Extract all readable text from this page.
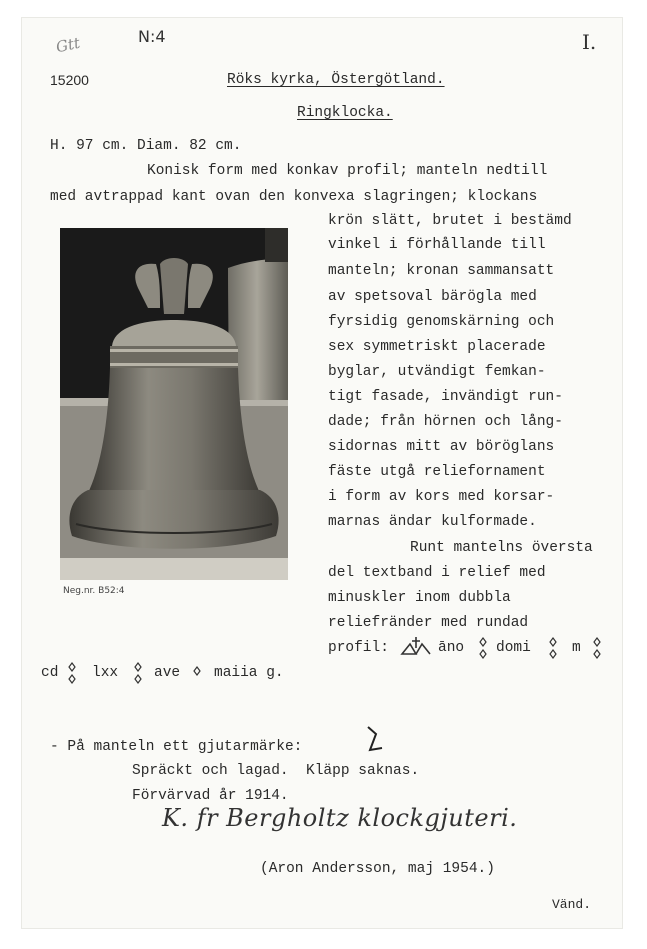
Gtt	N:4	I.
15200	Röks kyrka, Östergötland.
Ringklocka.
H. 97 cm. Diam. 82 cm.
Konisk form med konkav profil; manteln nedtill
med avtrappad kant ovan den konvexa slagringen; klockans
krön slätt, brutet i bestämd
vinkel i förhållande till
manteln; kronan sammansatt
av spetsoval bärögla med
fyrsidig genomskärning och
sex symmetriskt placerade
byglar, utvändigt femkan-
tigt fasade, invändigt run-
dade; från hörnen och lång-
sidornas mitt av böröglans
fäste utgå reliefornament
i form av kors med korsar-
marnas ändar kulformade.
Runt mantelns översta
del textband i relief med
minuskler inom dubbla
reliefränder med rundad
profil:	āno domi	m
cd lxx ave maiia g.
Neg.nr. B52:4
- På manteln ett gjutarmärke:
Spräckt och lagad.  Kläpp saknas.
Förvärvad år 1914.
K. fr Bergholtz klockgjuteri.
(Aron Andersson, maj 1954.)
Vänd.
